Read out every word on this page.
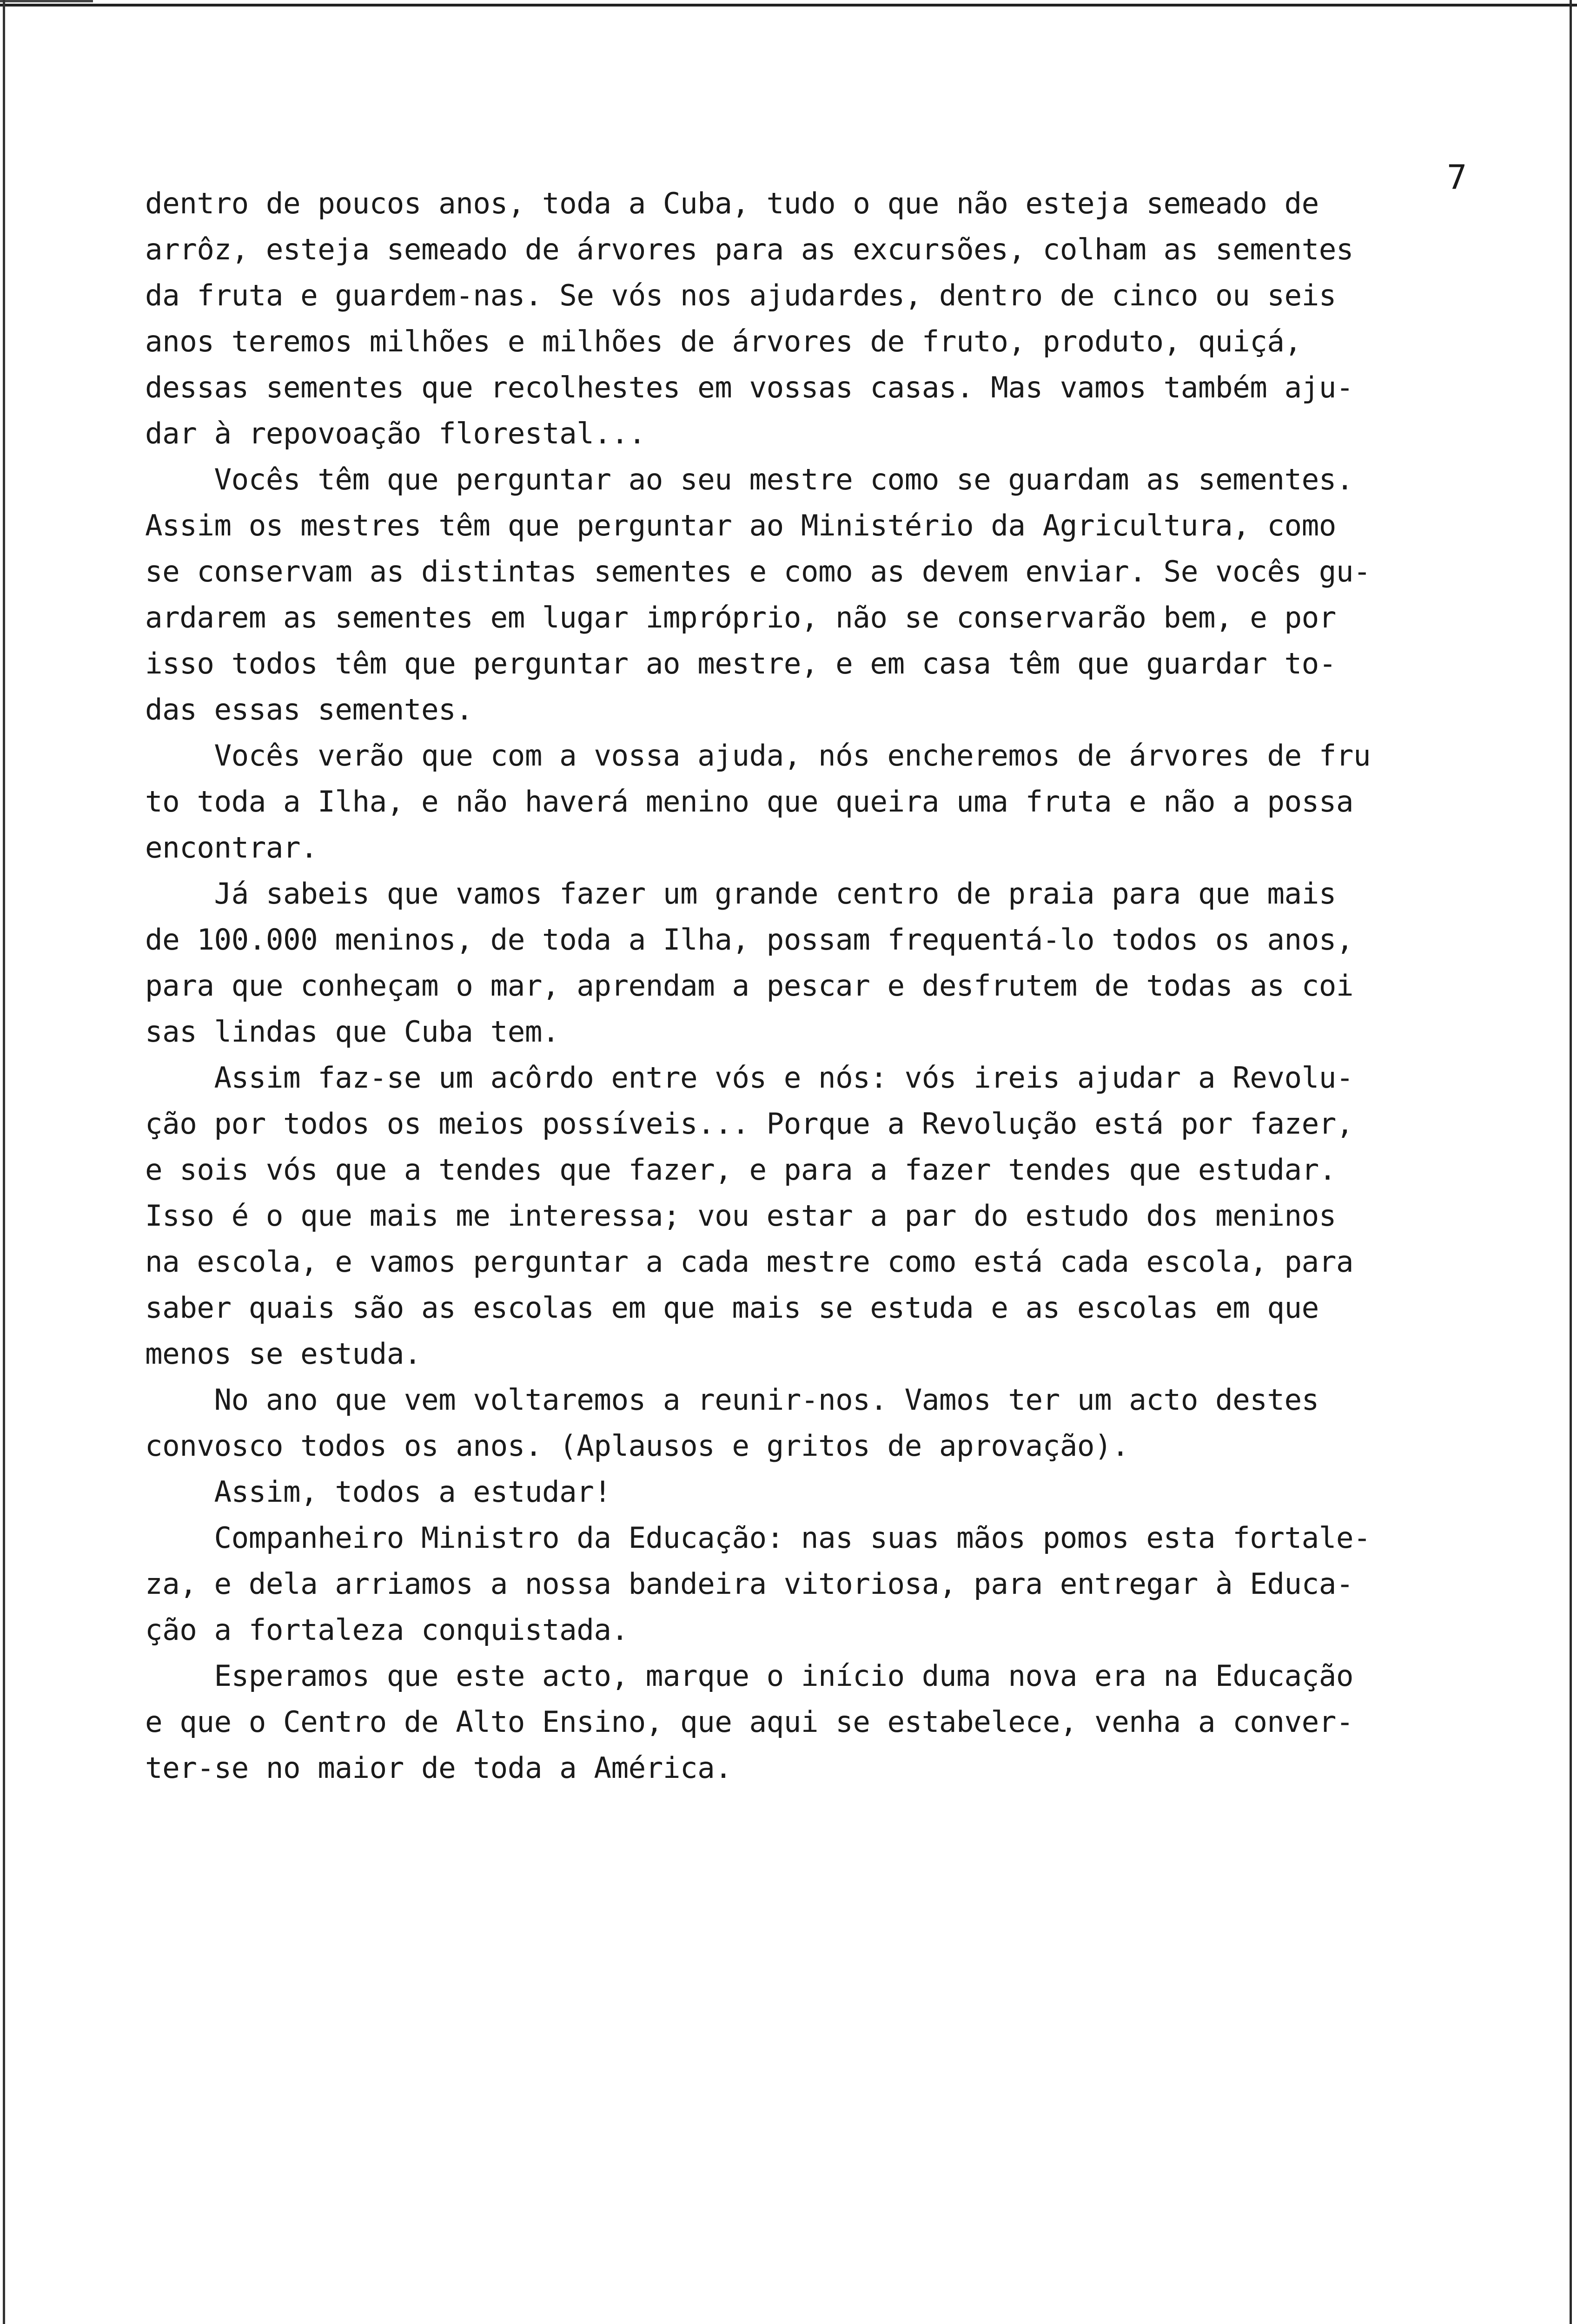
7
dentro de poucos anos, toda a Cuba, tudo o que não esteja semeado de
arrôz, esteja semeado de árvores para as excursões, colham as sementes
da fruta e guardem-nas. Se vós nos ajudardes, dentro de cinco ou seis
anos teremos milhões e milhões de árvores de fruto, produto, quiçá,
dessas sementes que recolhestes em vossas casas. Mas vamos também aju-
dar à repovoação florestal...
Vocês têm que perguntar ao seu mestre como se guardam as sementes.
Assim os mestres têm que perguntar ao Ministério da Agricultura, como
se conservam as distintas sementes e como as devem enviar. Se vocês gu-
ardarem as sementes em lugar impróprio, não se conservarão bem, e por
isso todos têm que perguntar ao mestre, e em casa têm que guardar to-
das essas sementes.
Vocês verão que com a vossa ajuda, nós encheremos de árvores de fru
to toda a Ilha, e não haverá menino que queira uma fruta e não a possa
encontrar.
Já sabeis que vamos fazer um grande centro de praia para que mais
de 100.000 meninos, de toda a Ilha, possam frequentá-lo todos os anos,
para que conheçam o mar, aprendam a pescar e desfrutem de todas as coi
sas lindas que Cuba tem.
Assim faz-se um acôrdo entre vós e nós: vós ireis ajudar a Revolu-
ção por todos os meios possíveis... Porque a Revolução está por fazer,
e sois vós que a tendes que fazer, e para a fazer tendes que estudar.
Isso é o que mais me interessa; vou estar a par do estudo dos meninos
na escola, e vamos perguntar a cada mestre como está cada escola, para
saber quais são as escolas em que mais se estuda e as escolas em que
menos se estuda.
No ano que vem voltaremos a reunir-nos. Vamos ter um acto destes
convosco todos os anos. (Aplausos e gritos de aprovação).
Assim, todos a estudar!
Companheiro Ministro da Educação: nas suas mãos pomos esta fortale-
za, e dela arriamos a nossa bandeira vitoriosa, para entregar à Educa-
ção a fortaleza conquistada.
Esperamos que este acto, marque o início duma nova era na Educação
e que o Centro de Alto Ensino, que aqui se estabelece, venha a conver-
ter-se no maior de toda a América.
